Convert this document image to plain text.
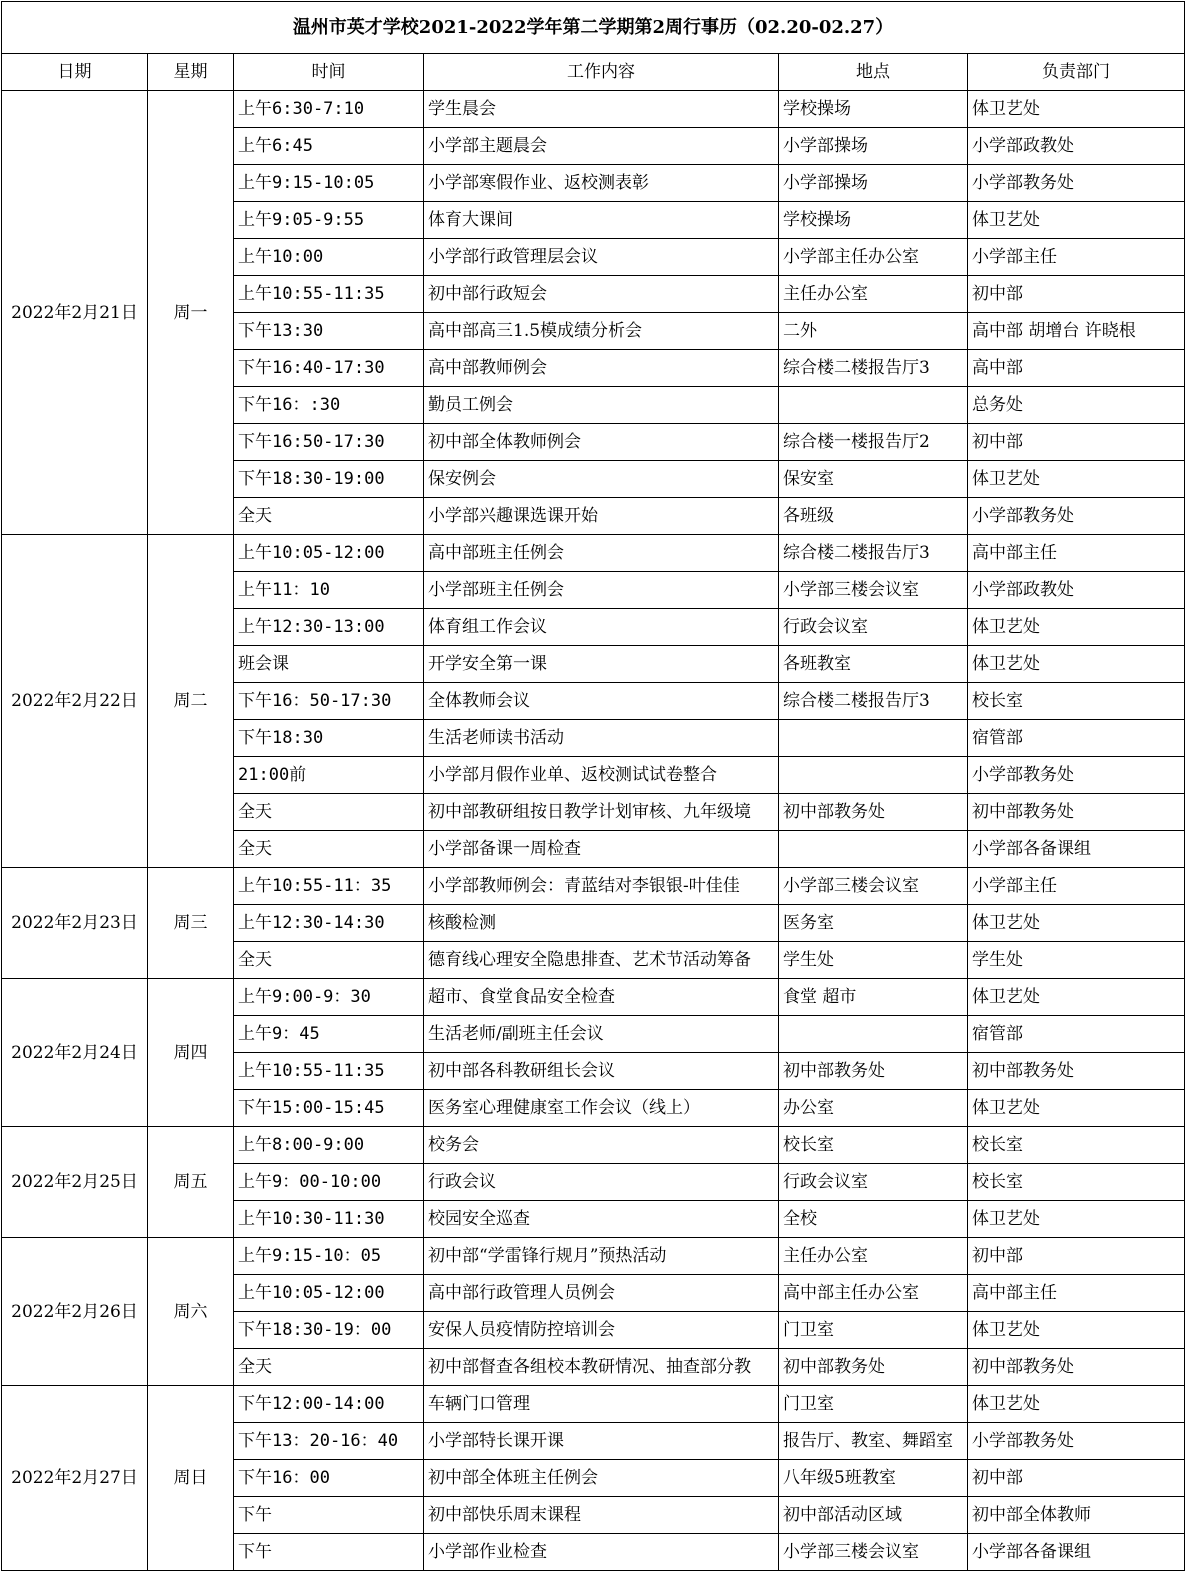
温州市英才学校2021-2022学年第二学期第2周行事历（02.20-02.27）					
日期	星期	时间	工作内容	地点	负责部门
2022年2月21日	周一	上午6:30-7:10	学生晨会	学校操场	体卫艺处
		上午6:45	小学部主题晨会	小学部操场	小学部政教处
		上午9:15-10:05	小学部寒假作业、返校测表彰	小学部操场	小学部教务处
		上午9:05-9:55	体育大课间	学校操场	体卫艺处
		上午10:00	小学部行政管理层会议	小学部主任办公室	小学部主任
		上午10:55-11:35	初中部行政短会	主任办公室	初中部
		下午13:30	高中部高三1.5模成绩分析会	二外	高中部 胡增台 许晓根
		下午16:40-17:30	高中部教师例会	综合楼二楼报告厅3	高中部
		下午16：:30	勤员工例会		总务处
		下午16:50-17:30	初中部全体教师例会	综合楼一楼报告厅2	初中部
		下午18:30-19:00	保安例会	保安室	体卫艺处
		全天	小学部兴趣课选课开始	各班级	小学部教务处
2022年2月22日	周二	上午10:05-12:00	高中部班主任例会	综合楼二楼报告厅3	高中部主任
		上午11：10	小学部班主任例会	小学部三楼会议室	小学部政教处
		上午12:30-13:00	体育组工作会议	行政会议室	体卫艺处
		班会课	开学安全第一课	各班教室	体卫艺处
		下午16：50-17:30	全体教师会议	综合楼二楼报告厅3	校长室
		下午18:30	生活老师读书活动		宿管部
		21:00前	小学部月假作业单、返校测试试卷整合		小学部教务处
		全天	初中部教研组按日教学计划审核、九年级境	初中部教务处	初中部教务处
		全天	小学部备课一周检查		小学部各备课组
2022年2月23日	周三	上午10:55-11：35	小学部教师例会：青蓝结对李银银-叶佳佳	小学部三楼会议室	小学部主任
		上午12:30-14:30	核酸检测	医务室	体卫艺处
		全天	德育线心理安全隐患排查、艺术节活动筹备	学生处	学生处
2022年2月24日	周四	上午9:00-9：30	超市、食堂食品安全检查	食堂 超市	体卫艺处
		上午9：45	生活老师/副班主任会议		宿管部
		上午10:55-11:35	初中部各科教研组长会议	初中部教务处	初中部教务处
		下午15:00-15:45	医务室心理健康室工作会议（线上）	办公室	体卫艺处
2022年2月25日	周五	上午8:00-9:00	校务会	校长室	校长室
		上午9：00-10:00	行政会议	行政会议室	校长室
		上午10:30-11:30	校园安全巡查	全校	体卫艺处
2022年2月26日	周六	上午9:15-10：05	初中部“学雷锋行规月”预热活动	主任办公室	初中部
		上午10:05-12:00	高中部行政管理人员例会	高中部主任办公室	高中部主任
		下午18:30-19：00	安保人员疫情防控培训会	门卫室	体卫艺处
		全天	初中部督查各组校本教研情况、抽查部分教	初中部教务处	初中部教务处
2022年2月27日	周日	下午12:00-14:00	车辆门口管理	门卫室	体卫艺处
		下午13：20-16：40	小学部特长课开课	报告厅、教室、舞蹈室	小学部教务处
		下午16：00	初中部全体班主任例会	八年级5班教室	初中部
		下午	初中部快乐周末课程	初中部活动区域	初中部全体教师
		下午	小学部作业检查	小学部三楼会议室	小学部各备课组
